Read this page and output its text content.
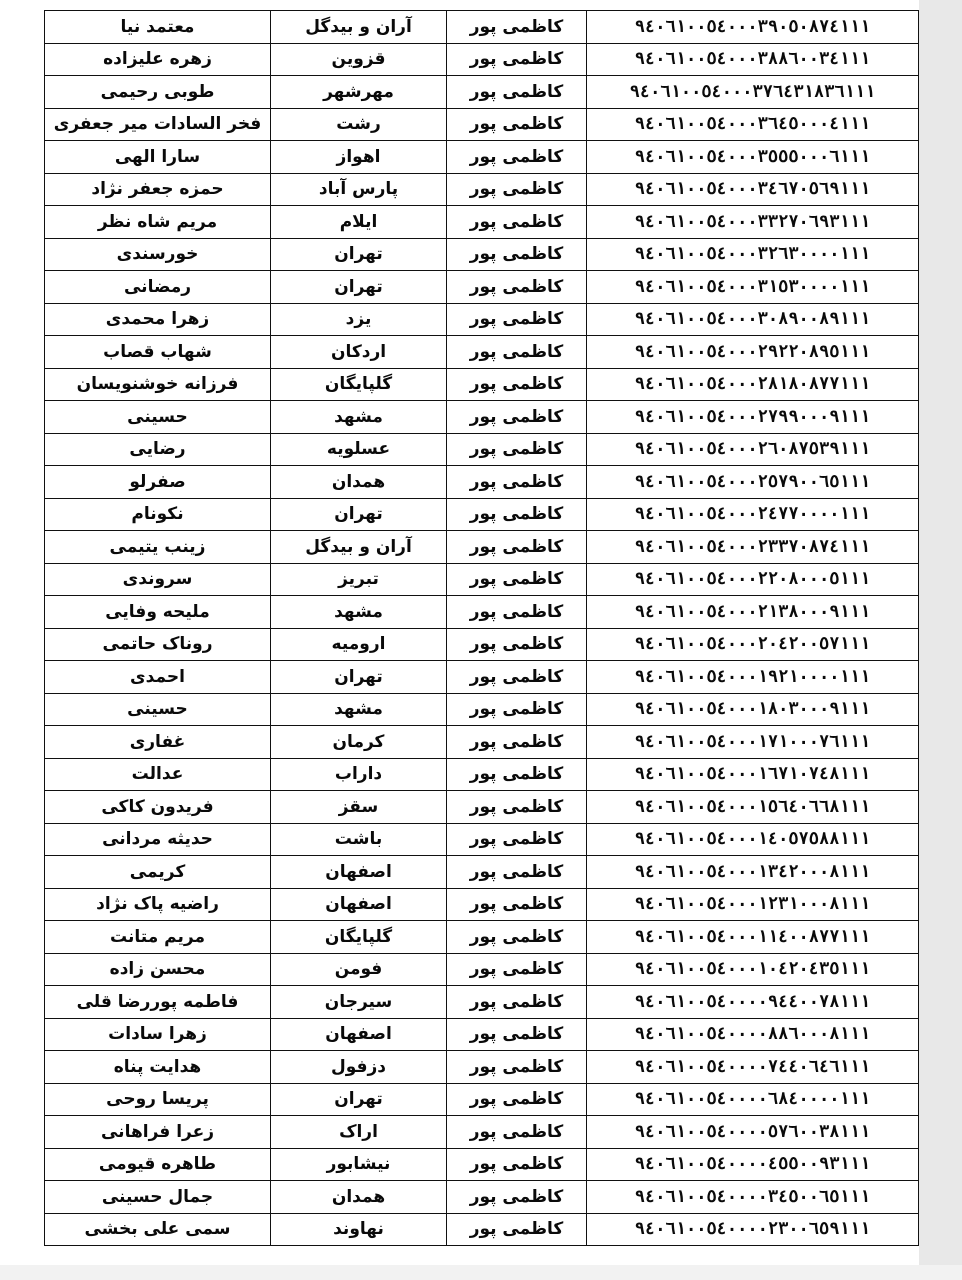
معتمد نیا	آران و بیدگل	کاظمی پور	۹٤۰٦۱۰۰٥٤۰۰۰۳۹۰٥۰۸۷٤۱۱۱
زهره علیزاده	قزوین	کاظمی پور	۹٤۰٦۱۰۰٥٤۰۰۰۳۸۸٦۰۰۳٤۱۱۱
طوبی رحیمی	مهرشهر	کاظمی پور	۹٤۰٦۱۰۰٥٤۰۰۰۳۷٦٤۳۱۸۳٦۱۱۱
فخر السادات میر جعفری	رشت	کاظمی پور	۹٤۰٦۱۰۰٥٤۰۰۰۳٦٤٥۰۰۰٤۱۱۱
سارا الهی	اهواز	کاظمی پور	۹٤۰٦۱۰۰٥٤۰۰۰۳٥٥٥۰۰۰٦۱۱۱
حمزه جعفر نژاد	پارس آباد	کاظمی پور	۹٤۰٦۱۰۰٥٤۰۰۰۳٤٦۷۰٥٦۹۱۱۱
مریم شاه نظر	ایلام	کاظمی پور	۹٤۰٦۱۰۰٥٤۰۰۰۳۳۲۷۰٦۹۳۱۱۱
خورسندی	تهران	کاظمی پور	۹٤۰٦۱۰۰٥٤۰۰۰۳۲٦۳۰۰۰۰۱۱۱
رمضانی	تهران	کاظمی پور	۹٤۰٦۱۰۰٥٤۰۰۰۳۱٥۳۰۰۰۰۱۱۱
زهرا محمدی	یزد	کاظمی پور	۹٤۰٦۱۰۰٥٤۰۰۰۳۰۸۹۰۰۸۹۱۱۱
شهاب قصاب	اردکان	کاظمی پور	۹٤۰٦۱۰۰٥٤۰۰۰۲۹۲۲۰۸۹٥۱۱۱
فرزانه خوشنویسان	گلپایگان	کاظمی پور	۹٤۰٦۱۰۰٥٤۰۰۰۲۸۱۸۰۸۷۷۱۱۱
حسینی	مشهد	کاظمی پور	۹٤۰٦۱۰۰٥٤۰۰۰۲۷۹۹۰۰۰۹۱۱۱
رضایی	عسلویه	کاظمی پور	۹٤۰٦۱۰۰٥٤۰۰۰۲٦۰۸۷٥۳۹۱۱۱
صفرلو	همدان	کاظمی پور	۹٤۰٦۱۰۰٥٤۰۰۰۲٥۷۹۰۰٦٥۱۱۱
نکونام	تهران	کاظمی پور	۹٤۰٦۱۰۰٥٤۰۰۰۲٤۷۷۰۰۰۰۱۱۱
زینب یتیمی	آران و بیدگل	کاظمی پور	۹٤۰٦۱۰۰٥٤۰۰۰۲۳۳۷۰۸۷٤۱۱۱
سروندی	تبریز	کاظمی پور	۹٤۰٦۱۰۰٥٤۰۰۰۲۲۰۸۰۰۰٥۱۱۱
ملیحه وفایی	مشهد	کاظمی پور	۹٤۰٦۱۰۰٥٤۰۰۰۲۱۳۸۰۰۰۹۱۱۱
روناک حاتمی	ارومیه	کاظمی پور	۹٤۰٦۱۰۰٥٤۰۰۰۲۰٤۲۰۰٥۷۱۱۱
احمدی	تهران	کاظمی پور	۹٤۰٦۱۰۰٥٤۰۰۰۱۹۲۱۰۰۰۰۱۱۱
حسینی	مشهد	کاظمی پور	۹٤۰٦۱۰۰٥٤۰۰۰۱۸۰۳۰۰۰۹۱۱۱
غفاری	کرمان	کاظمی پور	۹٤۰٦۱۰۰٥٤۰۰۰۱۷۱۰۰۰۷٦۱۱۱
عدالت	داراب	کاظمی پور	۹٤۰٦۱۰۰٥٤۰۰۰۱٦۷۱۰۷٤۸۱۱۱
فریدون کاکی	سقز	کاظمی پور	۹٤۰٦۱۰۰٥٤۰۰۰۱٥٦٤۰٦٦۸۱۱۱
حدیثه مردانی	باشت	کاظمی پور	۹٤۰٦۱۰۰٥٤۰۰۰۱٤۰٥۷٥۸۸۱۱۱
کریمی	اصفهان	کاظمی پور	۹٤۰٦۱۰۰٥٤۰۰۰۱۳٤۲۰۰۰۸۱۱۱
راضیه پاک نژاد	اصفهان	کاظمی پور	۹٤۰٦۱۰۰٥٤۰۰۰۱۲۳۱۰۰۰۸۱۱۱
مریم متانت	گلپایگان	کاظمی پور	۹٤۰٦۱۰۰٥٤۰۰۰۱۱٤۰۰۸۷۷۱۱۱
محسن زاده	فومن	کاظمی پور	۹٤۰٦۱۰۰٥٤۰۰۰۱۰٤۲۰٤۳٥۱۱۱
فاطمه پوررضا قلی	سیرجان	کاظمی پور	۹٤۰٦۱۰۰٥٤۰۰۰۰۹٤٤۰۰۷۸۱۱۱
زهرا سادات	اصفهان	کاظمی پور	۹٤۰٦۱۰۰٥٤۰۰۰۰۸۸٦۰۰۰۸۱۱۱
هدایت پناه	دزفول	کاظمی پور	۹٤۰٦۱۰۰٥٤۰۰۰۰۷٤٤۰٦٤٦۱۱۱
پریسا روحی	تهران	کاظمی پور	۹٤۰٦۱۰۰٥٤۰۰۰۰٦۸٤۰۰۰۰۱۱۱
زعرا فراهانی	اراک	کاظمی پور	۹٤۰٦۱۰۰٥٤۰۰۰۰٥۷٦۰۰۳۸۱۱۱
طاهره قیومی	نیشابور	کاظمی پور	۹٤۰٦۱۰۰٥٤۰۰۰۰٤٥٥۰۰۹۳۱۱۱
جمال حسینی	همدان	کاظمی پور	۹٤۰٦۱۰۰٥٤۰۰۰۰۳٤٥۰۰٦٥۱۱۱
سمی علی بخشی	نهاوند	کاظمی پور	۹٤۰٦۱۰۰٥٤۰۰۰۰۲۳۰۰٦٥۹۱۱۱
